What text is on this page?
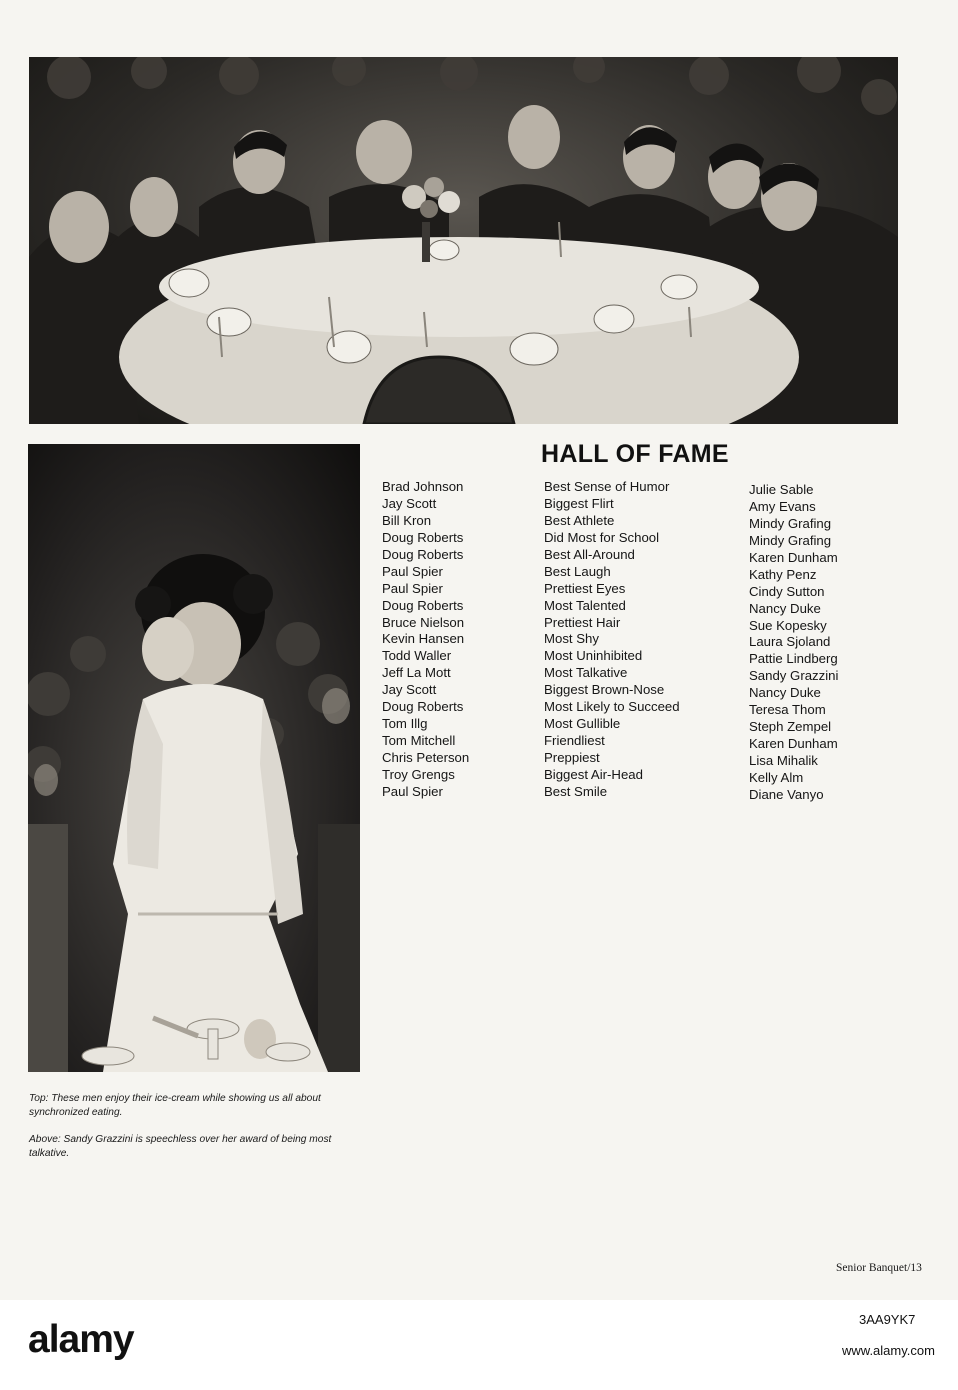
HALL OF FAME
Brad Johnson
Jay Scott
Bill Kron
Doug Roberts
Doug Roberts
Paul Spier
Paul Spier
Doug Roberts
Bruce Nielson
Kevin Hansen
Todd Waller
Jeff La Mott
Jay Scott
Doug Roberts
Tom Illg
Tom Mitchell
Chris Peterson
Troy Grengs
Paul Spier
Best Sense of Humor
Biggest Flirt
Best Athlete
Did Most for School
Best All-Around
Best Laugh
Prettiest Eyes
Most Talented
Prettiest Hair
Most Shy
Most Uninhibited
Most Talkative
Biggest Brown-Nose
Most Likely to Succeed
Most Gullible
Friendliest
Preppiest
Biggest Air-Head
Best Smile
Julie Sable
Amy Evans
Mindy Grafing
Mindy Grafing
Karen Dunham
Kathy Penz
Cindy Sutton
Nancy Duke
Sue Kopesky
Laura Sjoland
Pattie Lindberg
Sandy Grazzini
Nancy Duke
Teresa Thom
Steph Zempel
Karen Dunham
Lisa Mihalik
Kelly Alm
Diane Vanyo

Top: These men enjoy their ice-cream while showing us all about synchronized eating.

Above: Sandy Grazzini is speechless over her award of being most talkative.

Senior Banquet/13
alamy	3AA9YK7
www.alamy.com
